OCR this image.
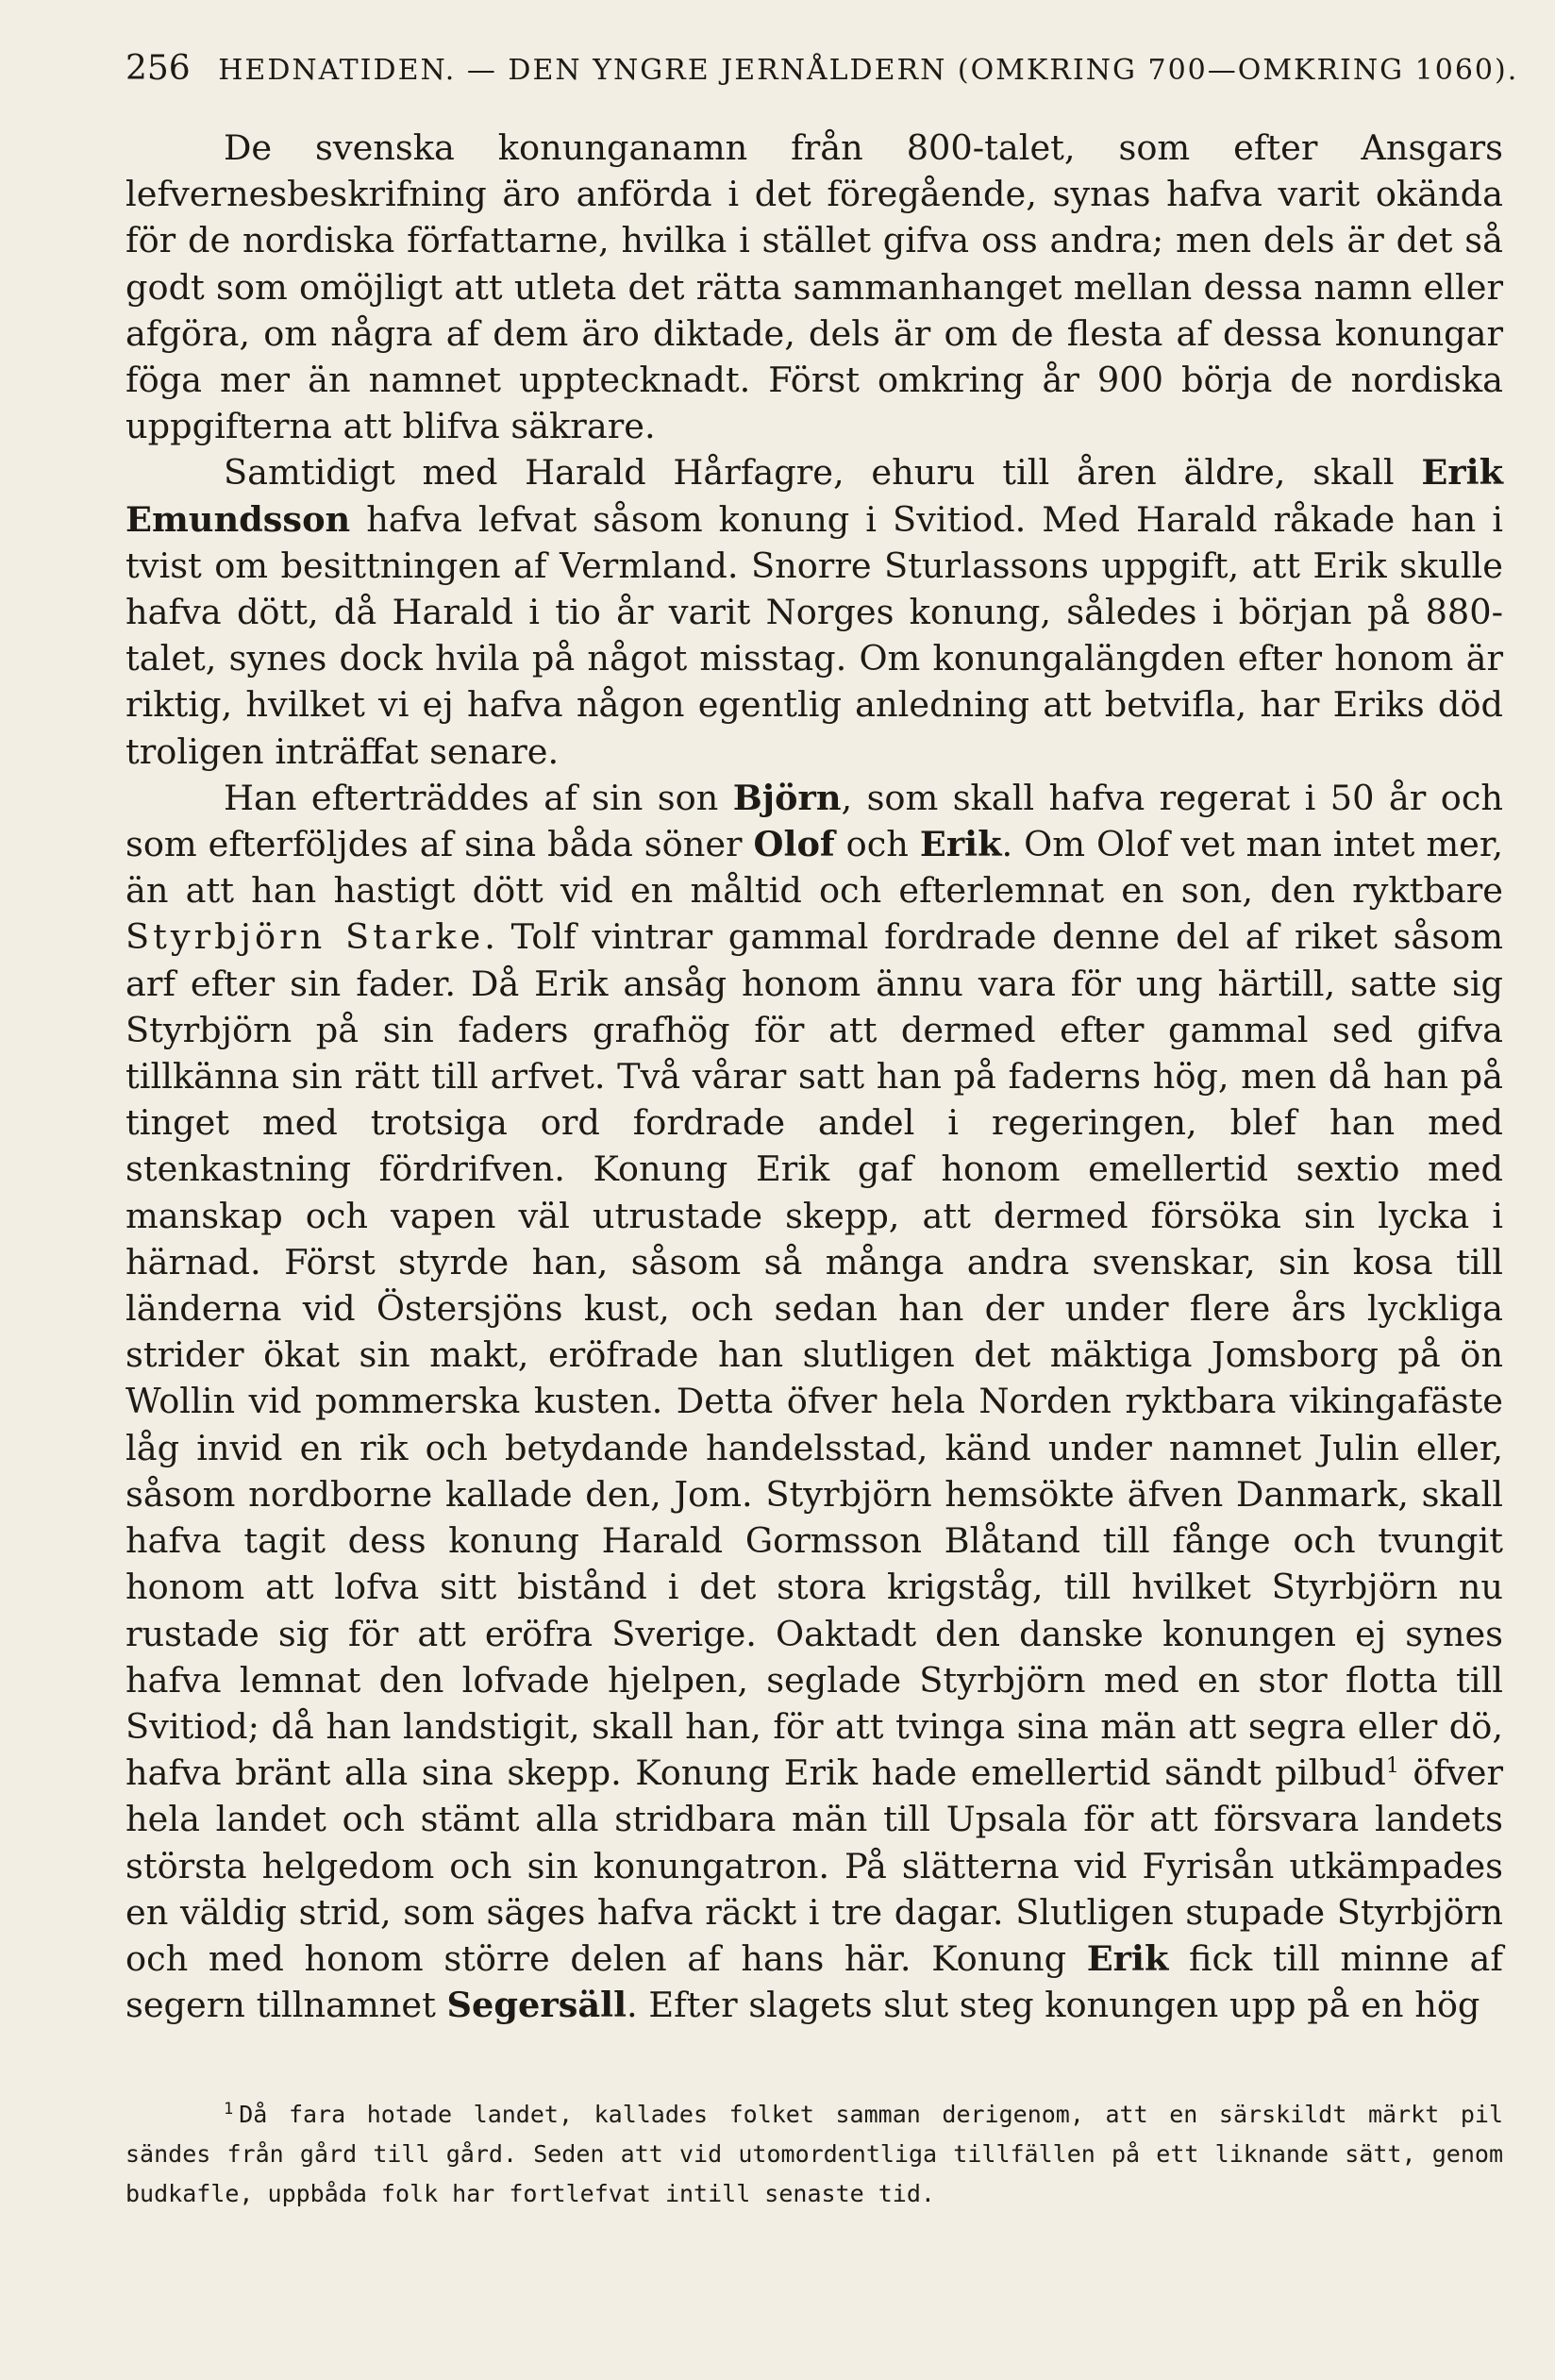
256 HEDNATIDEN. — DEN YNGRE JERNÅLDERN (OMKRING 700—OMKRING 1060).

De svenska konunganamn från 800-talet, som efter Ansgars lefvernesbeskrifning äro anförda i det föregående, synas hafva varit okända för de nordiska författarne, hvilka i stället gifva oss andra; men dels är det så godt som omöjligt att utleta det rätta sammanhanget mellan dessa namn eller afgöra, om några af dem äro diktade, dels är om de flesta af dessa konungar föga mer än namnet upptecknadt. Först omkring år 900 börja de nordiska uppgifterna att blifva säkrare.

Samtidigt med Harald Hårfagre, ehuru till åren äldre, skall Erik Emundsson hafva lefvat såsom konung i Svitiod. Med Harald råkade han i tvist om besittningen af Vermland. Snorre Sturlassons uppgift, att Erik skulle hafva dött, då Harald i tio år varit Norges konung, således i början på 880-talet, synes dock hvila på något misstag. Om konungalängden efter honom är riktig, hvilket vi ej hafva någon egentlig anledning att betvifla, har Eriks död troligen inträffat senare.

Han efterträddes af sin son Björn, som skall hafva regerat i 50 år och som efterföljdes af sina båda söner Olof och Erik. Om Olof vet man intet mer, än att han hastigt dött vid en måltid och efterlemnat en son, den ryktbare Styrbjörn Starke. Tolf vintrar gammal fordrade denne del af riket såsom arf efter sin fader. Då Erik ansåg honom ännu vara för ung härtill, satte sig Styrbjörn på sin faders grafhög för att dermed efter gammal sed gifva tillkänna sin rätt till arfvet. Två vårar satt han på faderns hög, men då han på tinget med trotsiga ord fordrade andel i regeringen, blef han med stenkastning fördrifven. Konung Erik gaf honom emellertid sextio med manskap och vapen väl utrustade skepp, att dermed försöka sin lycka i härnad. Först styrde han, såsom så många andra svenskar, sin kosa till länderna vid Östersjöns kust, och sedan han der under flere års lyckliga strider ökat sin makt, eröfrade han slutligen det mäktiga Jomsborg på ön Wollin vid pommerska kusten. Detta öfver hela Norden ryktbara vikingafäste låg invid en rik och betydande handelsstad, känd under namnet Julin eller, såsom nordborne kallade den, Jom. Styrbjörn hemsökte äfven Danmark, skall hafva tagit dess konung Harald Gormsson Blåtand till fånge och tvungit honom att lofva sitt bistånd i det stora krigståg, till hvilket Styrbjörn nu rustade sig för att eröfra Sverige. Oaktadt den danske konungen ej synes hafva lemnat den lofvade hjelpen, seglade Styrbjörn med en stor flotta till Svitiod; då han landstigit, skall han, för att tvinga sina män att segra eller dö, hafva bränt alla sina skepp. Konung Erik hade emellertid sändt pilbud$^1$ öfver hela landet och stämt alla stridbara män till Upsala för att försvara landets största helgedom och sin konungatron. På slätterna vid Fyrisån utkämpades en väldig strid, som säges hafva räckt i tre dagar. Slutligen stupade Styrbjörn och med honom större delen af hans här. Konung Erik fick till minne af segern tillnamnet Segersäll. Efter slagets slut steg konungen upp på en hög

$^1$ Då fara hotade landet, kallades folket samman derigenom, att en särskildt märkt pil sändes från gård till gård. Seden att vid utomordentliga tillfällen på ett liknande sätt, genom budkafle, uppbåda folk har fortlefvat intill senaste tid.
